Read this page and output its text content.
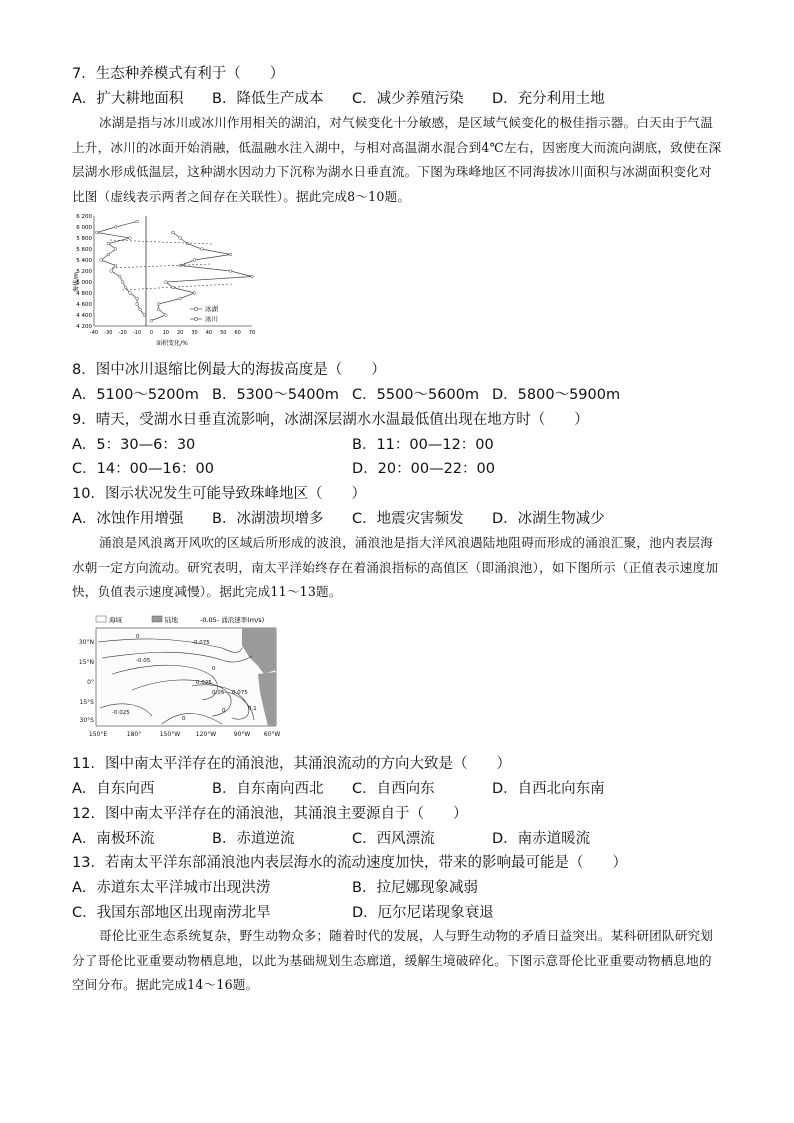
7．生态种养模式有利于（　　）
A．扩大耕地面积 B．降低生产成本 C．减少养殖污染 D．充分利用土地
冰湖是指与冰川或冰川作用相关的湖泊，对气候变化十分敏感，是区域气候变化的极佳指示器。白天由于气温上升，冰川的冰面开始消融，低温融水注入湖中，与相对高温湖水混合到4℃左右，因密度大而流向湖底，致使在深层湖水形成低温层，这种湖水因动力下沉称为湖水日垂直流。下图为珠峰地区不同海拔冰川面积与冰湖面积变化对比图（虚线表示两者之间存在关联性）。据此完成8～10题。
6 200
6 000
5 800
5 600
5 400
5 200
5 000
4 800
4 600
4 400
4 200
-40 -30 -20 -10 0 10 20 30 40 50 60 70
海拔/m
面积变化/%
冰湖
冰川
8．图中冰川退缩比例最大的海拔高度是（　　）
A．5100～5200m B．5300～5400m C．5500～5600m D．5800～5900m
9．晴天，受湖水日垂直流影响，冰湖深层湖水水温最低值出现在地方时（　　）
A．5：30—6：30	B．11：00—12：00
C．14：00—16：00	D．20：00—22：00
10．图示状况发生可能导致珠峰地区（　　）
A．冰蚀作用增强 B．冰湖溃坝增多 C．地震灾害频发 D．冰湖生物减少
涌浪是风浪离开风吹的区域后所形成的波浪，涌浪池是指大洋风浪遇陆地阻碍而形成的涌浪汇聚，池内表层海水朝一定方向流动。研究表明，南太平洋始终存在着涌浪指标的高值区（即涌浪池），如下图所示（正值表示速度加快，负值表示速度减慢）。据此完成11～13题。
海域	陆地	-0.05- 涌浪速率(m/s)
0
-0.075
-0.05
0
0.025
0.05 0.075
0.1
0
-0.025
0
30°N
15°N
0°
15°S
30°S
150°E	180°	150°W	120°W	90°W 60°W
11．图中南太平洋存在的涌浪池，其涌浪流动的方向大致是（　　）
A．自东向西	B．自东南向西北 C．自西向东	D．自西北向东南
12．图中南太平洋存在的涌浪池，其涌浪主要源自于（　　）
A．南极环流	B．赤道逆流	C．西风漂流	D．南赤道暖流
13．若南太平洋东部涌浪池内表层海水的流动速度加快，带来的影响最可能是（　　）
A．赤道东太平洋城市出现洪涝	B．拉尼娜现象减弱
C．我国东部地区出现南涝北旱	D．厄尔尼诺现象衰退
哥伦比亚生态系统复杂，野生动物众多；随着时代的发展，人与野生动物的矛盾日益突出。某科研团队研究划分了哥伦比亚重要动物栖息地，以此为基础规划生态廊道，缓解生境破碎化。下图示意哥伦比亚重要动物栖息地的空间分布。据此完成14～16题。
